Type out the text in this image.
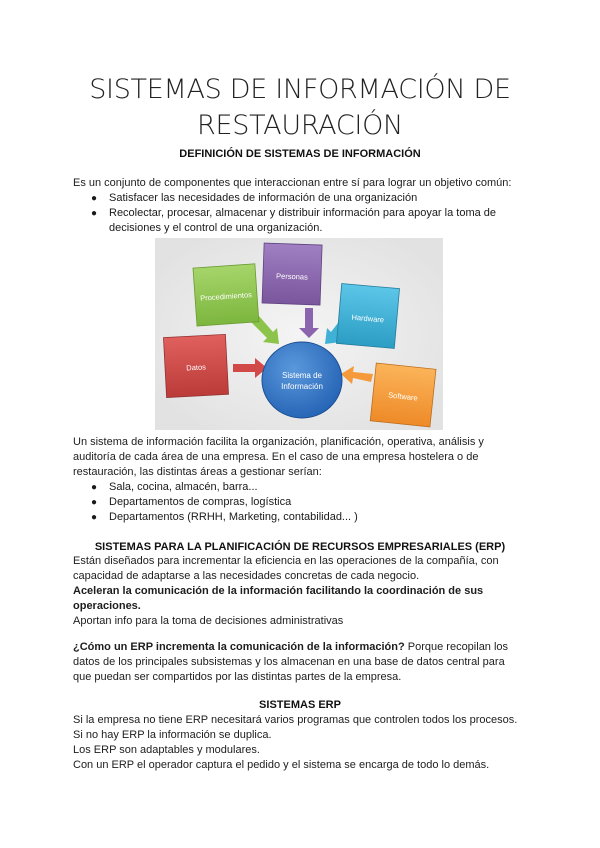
SISTEMAS DE INFORMACIÓN DE RESTAURACIÓN
DEFINICIÓN DE SISTEMAS DE INFORMACIÓN
Es un conjunto de componentes que interaccionan entre sí para lograr un objetivo común:
● Satisfacer las necesidades de información de una organización
● Recolectar, procesar, almacenar y distribuir información para apoyar la toma de
decisiones y el control de una organización.
Procedimientos
Personas
Hardware
Datos
Software
Sistema de
Información
Un sistema de información facilita la organización, planificación, operativa, análisis y
auditoría de cada área de una empresa. En el caso de una empresa hostelera o de
restauración, las distintas áreas a gestionar serían:
● Sala, cocina, almacén, barra...
● Departamentos de compras, logística
● Departamentos (RRHH, Marketing, contabilidad... )
SISTEMAS PARA LA PLANIFICACIÓN DE RECURSOS EMPRESARIALES (ERP)
Están diseñados para incrementar la eficiencia en las operaciones de la compañía, con
capacidad de adaptarse a las necesidades concretas de cada negocio.
Aceleran la comunicación de la información facilitando la coordinación de sus
operaciones.
Aportan info para la toma de decisiones administrativas
¿Cómo un ERP incrementa la comunicación de la información? Porque recopilan los
datos de los principales subsistemas y los almacenan en una base de datos central para
que puedan ser compartidos por las distintas partes de la empresa.
SISTEMAS ERP
Si la empresa no tiene ERP necesitará varios programas que controlen todos los procesos.
Si no hay ERP la información se duplica.
Los ERP son adaptables y modulares.
Con un ERP el operador captura el pedido y el sistema se encarga de todo lo demás.
